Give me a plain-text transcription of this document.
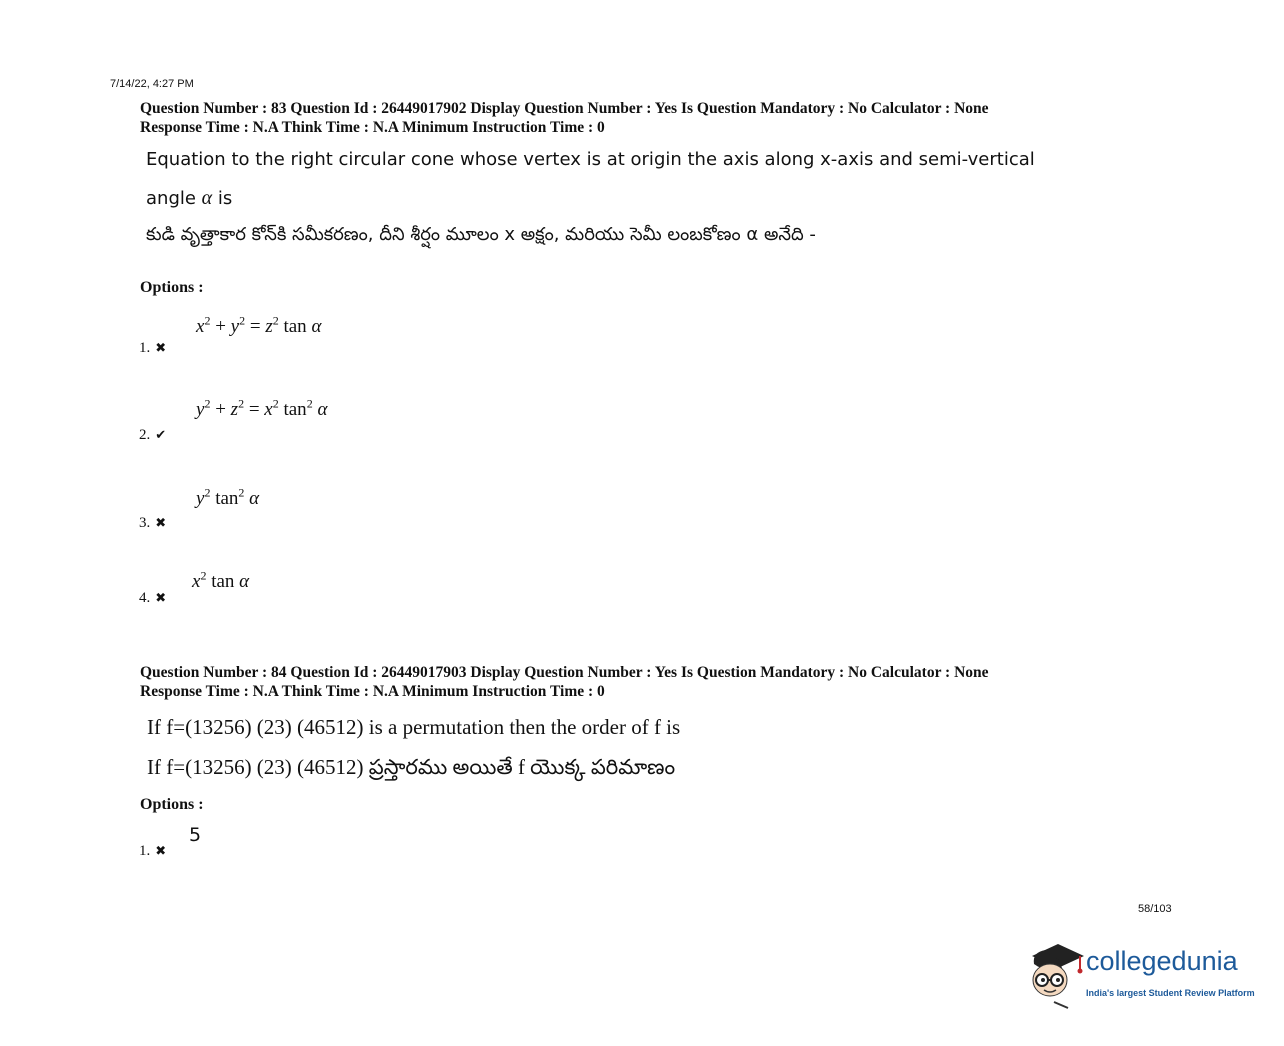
7/14/22, 4:27 PM
Question Number : 83 Question Id : 26449017902 Display Question Number : Yes Is Question Mandatory : No Calculator : None
Response Time : N.A Think Time : N.A Minimum Instruction Time : 0
Equation to the right circular cone whose vertex is at origin the axis along x-axis and semi-vertical
angle α is
కుడి వృత్తాకార కోన్‌కి సమీకరణం, దీని శీర్షం మూలం x అక్షం, మరియు సెమీ లంబకోణం α అనేది -
Options :
$x^2 + y^2 = z^2$ tan α
1. ✖
$y^2 + z^2 = x^2$ $\tan^2 \alpha$
2. ✔
$y^2$ $\tan^2 \alpha$
3. ✖
$x^2$ tan α
4. ✖
Question Number : 84 Question Id : 26449017903 Display Question Number : Yes Is Question Mandatory : No Calculator : None
Response Time : N.A Think Time : N.A Minimum Instruction Time : 0
If f=(13256) (23) (46512) is a permutation then the order of f is
If f=(13256) (23) (46512) ప్రస్తారము అయితే f యొక్క పరిమాణం
Options :
5
1. ✖
58/103
collegedunia
India's largest Student Review Platform
